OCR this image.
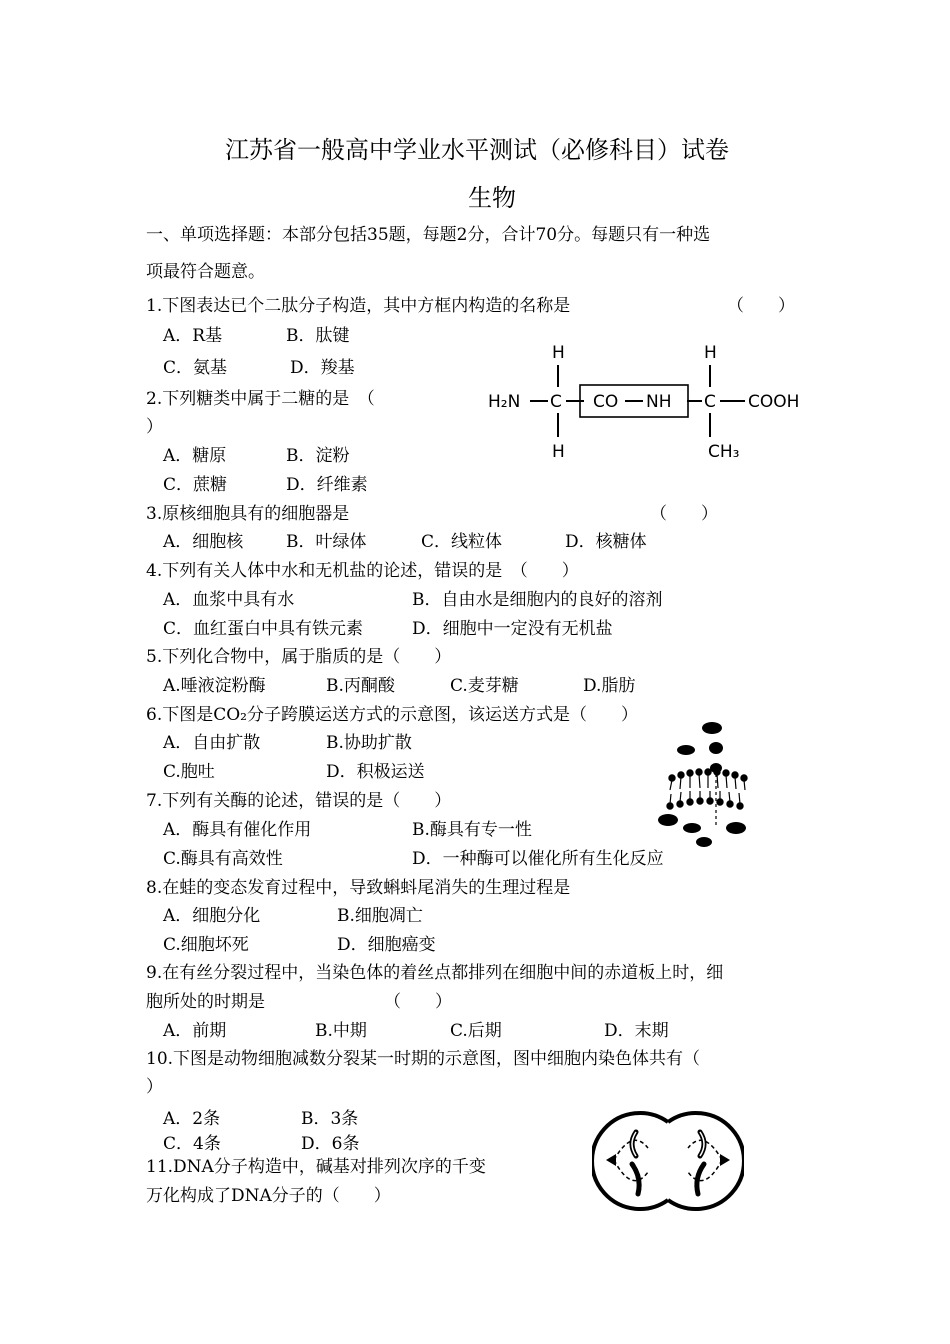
江苏省一般高中学业水平测试（必修科目）试卷
生物
一、单项选择题：本部分包括35题，每题2分，合计70分。每题只有一种选
项最符合题意。
1.下图表达已个二肽分子构造，其中方框内构造的名称是	（　　）
A．R基	B．肽键
C．氨基	D．羧基
H	H
H₂N C CO NH C COOH
H	CH₃
2.下列糖类中属于二糖的是　（
）
A．糖原	B．淀粉
C．蔗糖	D．纤维素
3.原核细胞具有的细胞器是	（　　）
A．细胞核	B．叶绿体	C．线粒体	D．核糖体
4.下列有关人体中水和无机盐的论述，错误的是　（　　）
A．血浆中具有水	B．自由水是细胞内的良好的溶剂
C．血红蛋白中具有铁元素	D．细胞中一定没有无机盐
5.下列化合物中，属于脂质的是（　　）
A.唾液淀粉酶	B.丙酮酸	C.麦芽糖	D.脂肪
6.下图是CO₂分子跨膜运送方式的示意图，该运送方式是（　　）
A．自由扩散	B.协助扩散
C.胞吐	D．积极运送
7.下列有关酶的论述，错误的是（　　）
A．酶具有催化作用	B.酶具有专一性
C.酶具有高效性	D．一种酶可以催化所有生化反应
8.在蛙的变态发育过程中，导致蝌蚪尾消失的生理过程是
A．细胞分化	B.细胞凋亡
C.细胞坏死	D．细胞癌变
9.在有丝分裂过程中，当染色体的着丝点都排列在细胞中间的赤道板上时，细
胞所处的时期是	（　　）
A．前期	B.中期	C.后期	D．末期
10.下图是动物细胞减数分裂某一时期的示意图，图中细胞内染色体共有（
）
A．2条	B．3条
C．4条	D．6条
11.DNA分子构造中，碱基对排列次序的千变
万化构成了DNA分子的（　　）
